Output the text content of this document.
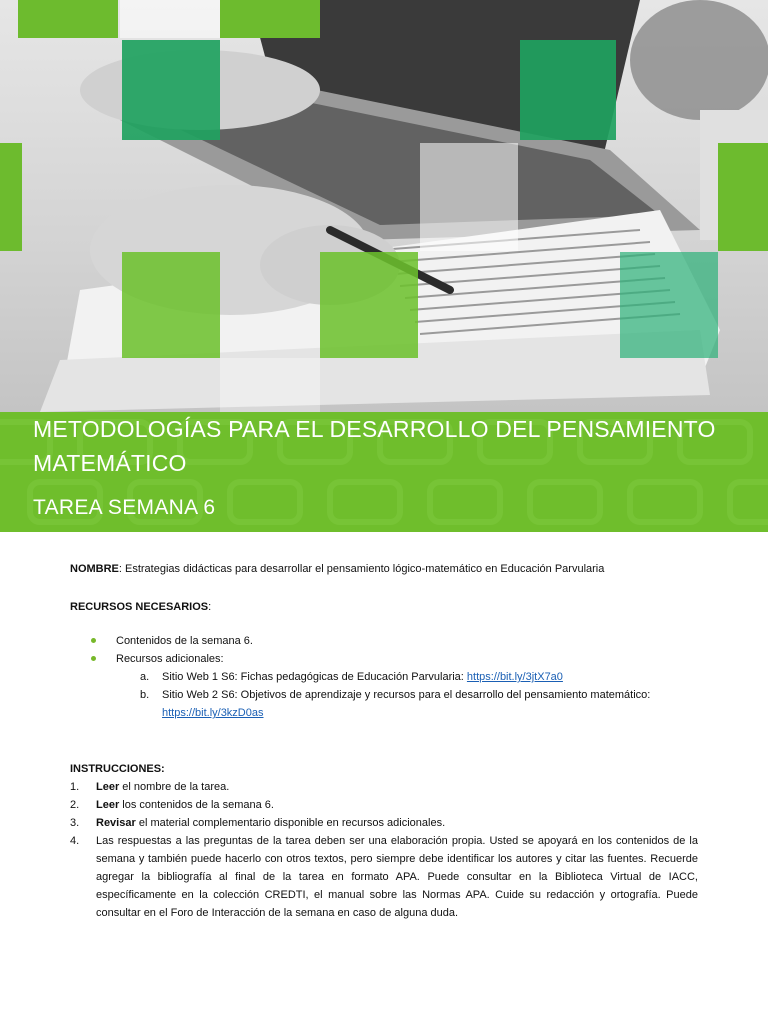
METODOLOGÍAS PARA EL DESARROLLO DEL PENSAMIENTO MATEMÁTICO
TAREA SEMANA 6

NOMBRE: Estrategias didácticas para desarrollar el pensamiento lógico-matemático en Educación Parvularia

RECURSOS NECESARIOS:
Contenidos de la semana 6.
Recursos adicionales:
a. Sitio Web 1 S6: Fichas pedagógicas de Educación Parvularia: https://bit.ly/3jtX7a0
b. Sitio Web 2 S6: Objetivos de aprendizaje y recursos para el desarrollo del pensamiento matemático:
https://bit.ly/3kzD0as
INSTRUCCIONES:
1. Leer el nombre de la tarea.
2. Leer los contenidos de la semana 6.
3. Revisar el material complementario disponible en recursos adicionales.
4. Las respuestas a las preguntas de la tarea deben ser una elaboración propia. Usted se apoyará en los contenidos de la semana y también puede hacerlo con otros textos, pero siempre debe identificar los autores y citar las fuentes. Recuerde agregar la bibliografía al final de la tarea en formato APA. Puede consultar en la Biblioteca Virtual de IACC, específicamente en la colección CREDTI, el manual sobre las Normas APA. Cuide su redacción y ortografía. Puede consultar en el Foro de Interacción de la semana en caso de alguna duda.
